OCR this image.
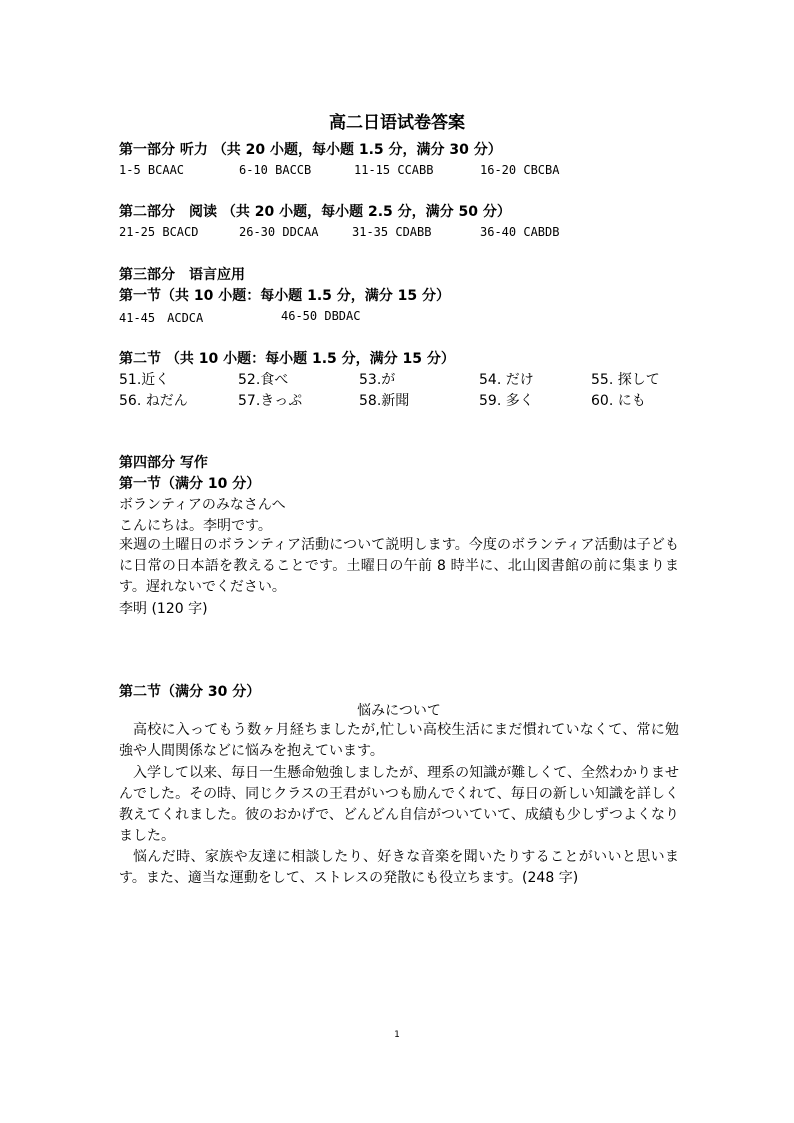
高二日语试卷答案
第一部分 听力 （共 20 小题，每小题 1.5 分，满分 30 分）
1-5 BCAAC	6-10 BACCB	11-15 CCABB	16-20 CBCBA
第二部分　阅读 （共 20 小题，每小题 2.5 分，满分 50 分）
21-25 BCACD	26-30 DDCAA	31-35 CDABB	36-40 CABDB
第三部分　语言应用
第一节（共 10 小题：每小题 1.5 分，满分 15 分）
41-45　ACDCA	46-50 DBDAC
第二节 （共 10 小题：每小题 1.5 分，满分 15 分）
51.近く	52.食べ	53.が	54. だけ	55. 探して
56. ねだん	57.きっぷ	58.新聞	59. 多く	60. にも
第四部分 写作
第一节（满分 10 分）
ボランティアのみなさんへ
こんにちは。李明です。
来週の土曜日のボランティア活動について説明します。今度のボランティア活動は子どもに日常の日本語を教えることです。土曜日の午前 8 時半に、北山図書館の前に集まります。遅れないでください。
李明 (120 字)
第二节（满分 30 分）
悩みについて
高校に入ってもう数ヶ月経ちましたが,忙しい高校生活にまだ慣れていなくて、常に勉強や人間関係などに悩みを抱えています。
入学して以来、毎日一生懸命勉強しましたが、理系の知識が難しくて、全然わかりませんでした。その時、同じクラスの王君がいつも励んでくれて、毎日の新しい知識を詳しく教えてくれました。彼のおかげで、どんどん自信がついていて、成績も少しずつよくなりました。
悩んだ時、家族や友達に相談したり、好きな音楽を聞いたりすることがいいと思います。また、適当な運動をして、ストレスの発散にも役立ちます。(248 字)
1
